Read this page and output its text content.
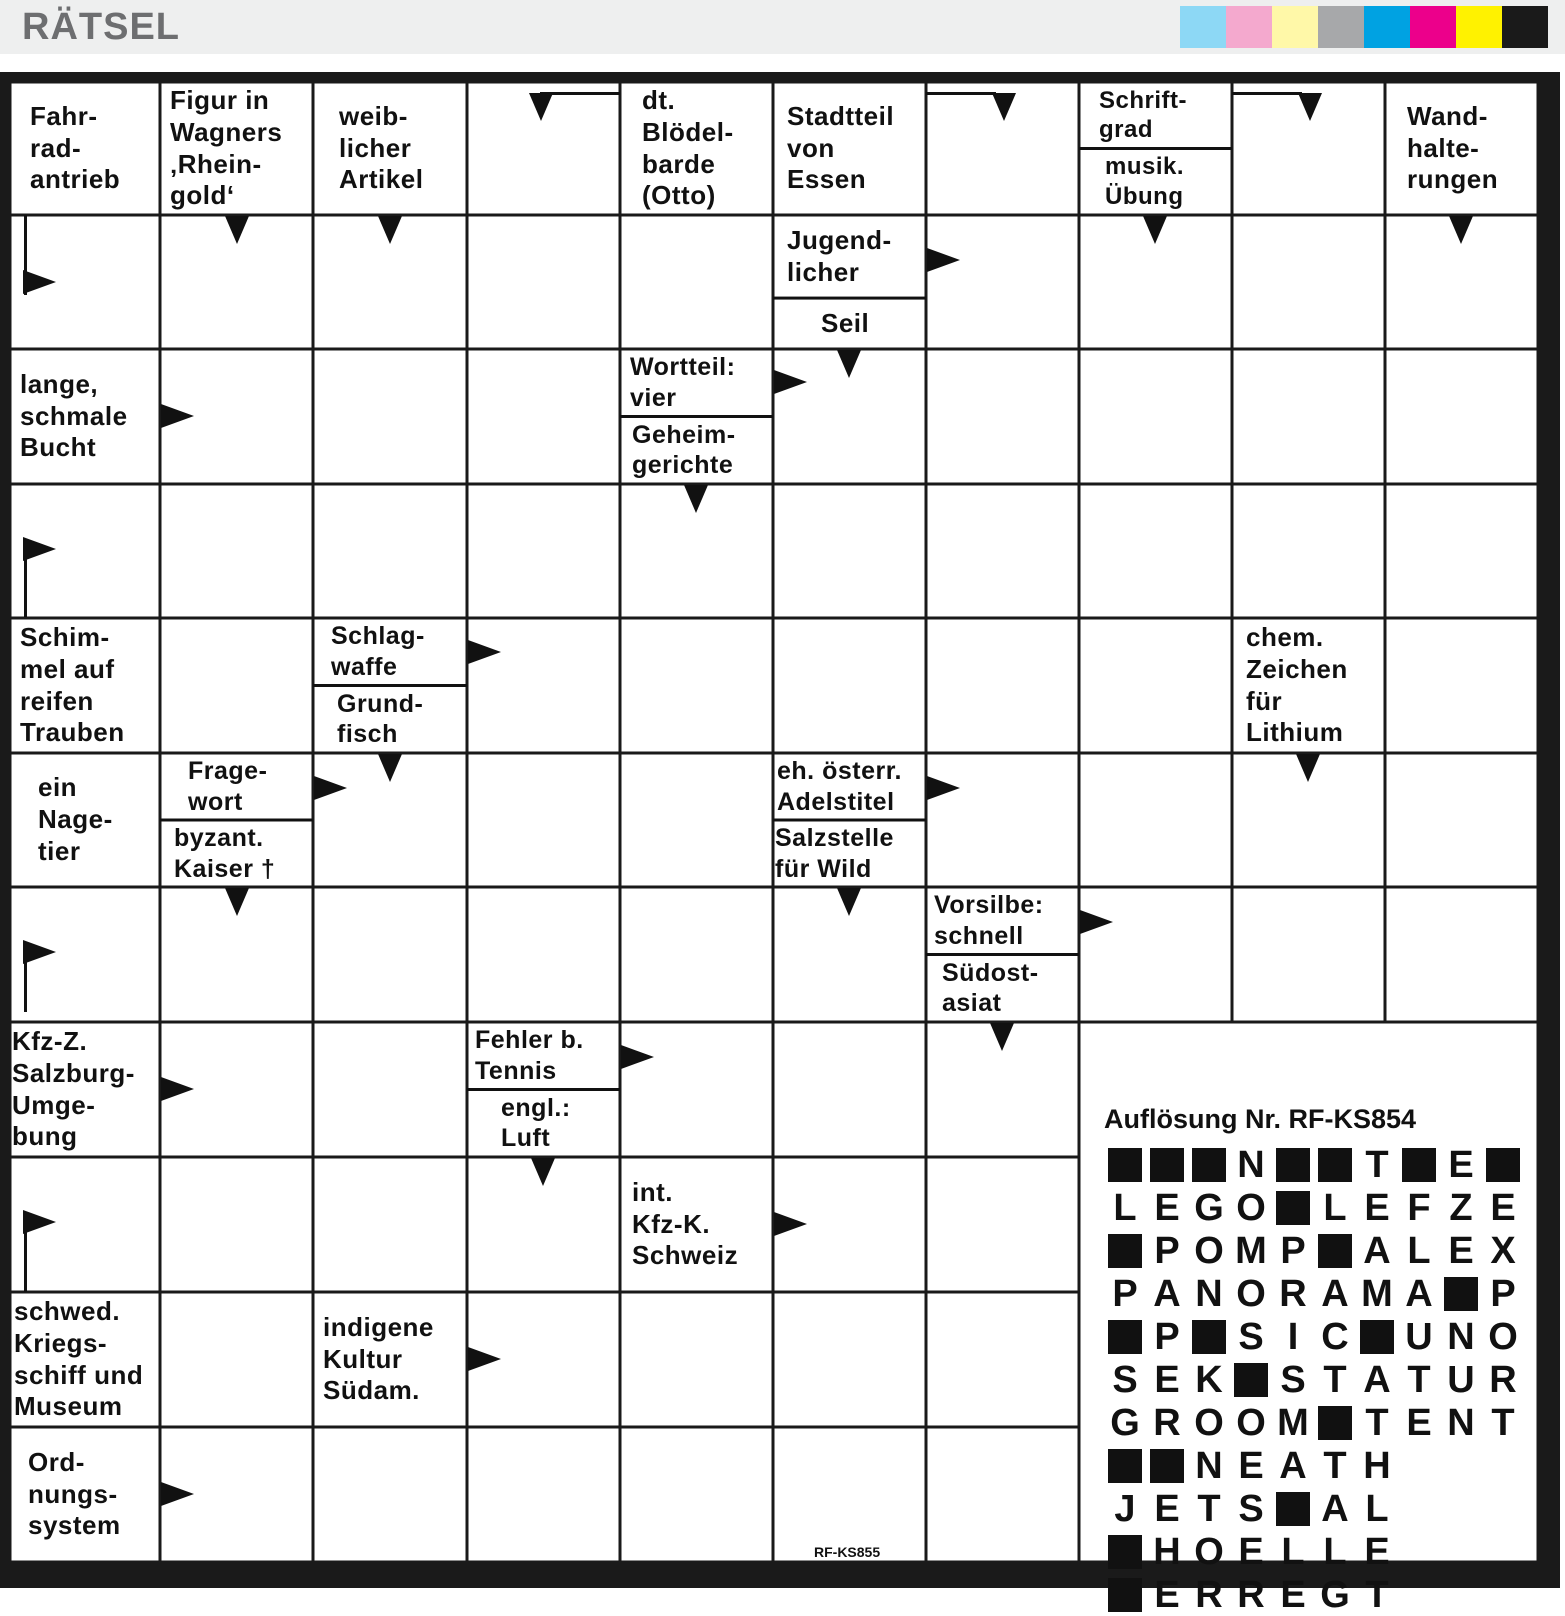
RÄTSEL
Fahr-
rad-
antrieb
Figur in
Wagners
‚Rhein-
gold‘
weib-
licher
Artikel
dt.
Blödel-
barde
(Otto)
Stadtteil
von
Essen
Schrift-
grad
musik.
Übung
Wand-
halte-
rungen
Jugend-
licher
Seil
lange,
schmale
Bucht
Wortteil:
vier
Geheim-
gerichte
Schim-
mel auf
reifen
Trauben
Schlag-
waffe
Grund-
fisch
chem.
Zeichen
für
Lithium
ein
Nage-
tier
Frage-
wort
byzant.
Kaiser †
eh. österr.
Adelstitel
Salzstelle
für Wild
Vorsilbe:
schnell
Südost-
asiat
Kfz-Z.
Salzburg-
Umge-
bung
Fehler b.
Tennis
engl.:
Luft
int.
Kfz-K.
Schweiz
schwed.
Kriegs-
schiff und
Museum
indigene
Kultur
Südam.
Ord-
nungs-
system
Auflösung Nr. RF-KS854
N	T E
L E G O L E F Z E
P O M P A L E X
P A N O R A M A P
P S I C U N O
S E K S T A T U R
G R O O M T E N T
N E A T H
J E T S A L
H O E L L E
E R R E G T
RF-KS855
